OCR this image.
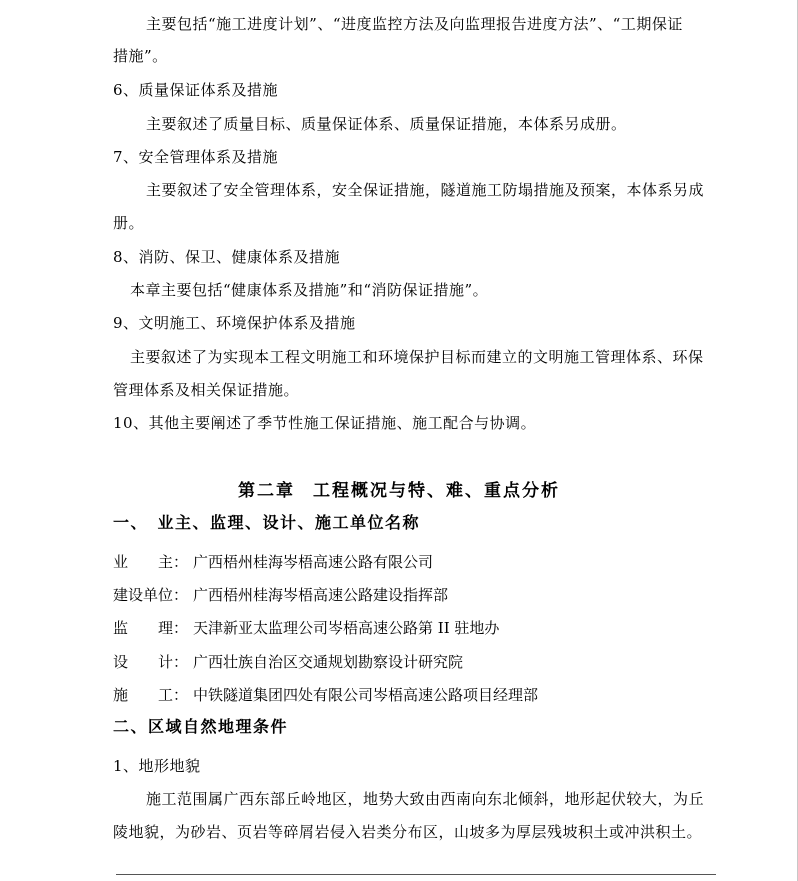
主要包括“施工进度计划”、“进度监控方法及向监理报告进度方法”、“工期保证
措施”。
6、质量保证体系及措施
主要叙述了质量目标、质量保证体系、质量保证措施，本体系另成册。
7、安全管理体系及措施
主要叙述了安全管理体系，安全保证措施，隧道施工防塌措施及预案，本体系另成
册。
8、消防、保卫、健康体系及措施
本章主要包括“健康体系及措施”和“消防保证措施”。
9、文明施工、环境保护体系及措施
主要叙述了为实现本工程文明施工和环境保护目标而建立的文明施工管理体系、环保
管理体系及相关保证措施。
10、其他主要阐述了季节性施工保证措施、施工配合与协调。
第二章 工程概况与特、难、重点分析
一、　业主、监理、设计、施工单位名称
业　　主： 广西梧州桂海岑梧高速公路有限公司
建设单位： 广西梧州桂海岑梧高速公路建设指挥部
监　　理： 天津新亚太监理公司岑梧高速公路第 II 驻地办
设　　计： 广西壮族自治区交通规划勘察设计研究院
施　　工： 中铁隧道集团四处有限公司岑梧高速公路项目经理部
二、区域自然地理条件
1、地形地貌
施工范围属广西东部丘岭地区，地势大致由西南向东北倾斜，地形起伏较大，为丘
陵地貌，为砂岩、页岩等碎屑岩侵入岩类分布区，山坡多为厚层残坡积土或冲洪积土。
